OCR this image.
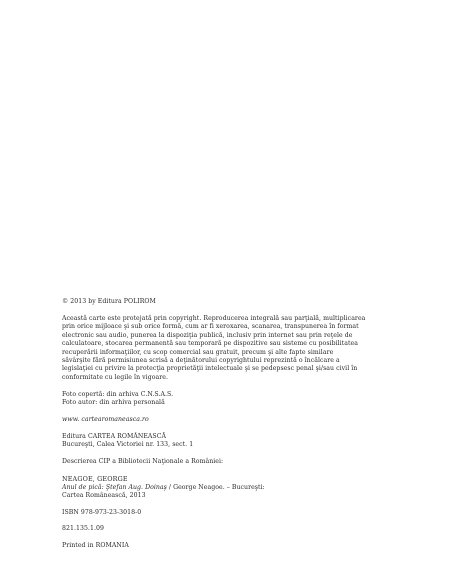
© 2013 by Editura POLIROM

Această carte este protejată prin copyright. Reproducerea integrală sau parţială, multiplicarea
prin orice mijloace şi sub orice formă, cum ar fi xeroxarea, scanarea, transpunerea în format
electronic sau audio, punerea la dispoziţia publică, inclusiv prin internet sau prin reţele de
calculatoare, stocarea permanentă sau temporară pe dispozitive sau sisteme cu posibilitatea
recuperării informaţiilor, cu scop comercial sau gratuit, precum şi alte fapte similare
săvârşite fără permisiunea scrisă a deţinătorului copyrightului reprezintă o încălcare a
legislaţiei cu privire la protecţia proprietăţii intelectuale şi se pedepsesc penal şi/sau civil în
conformitate cu legile în vigoare.

Foto copertă: din arhiva C.N.S.A.S.

Foto autor: din arhiva personală

www. cartearomaneasca.ro

Editura CARTEA ROMÂNEASCĂ

Bucureşti, Calea Victoriei nr. 133, sect. 1

Descrierea CIP a Bibliotecii Naţionale a României:

NEAGOE, GEORGE

Anul de pică: Ştefan Aug. Doinaş / George Neagoe. – Bucureşti:

Cartea Românească, 2013

ISBN 978-973-23-3018-0

821.135.1.09

Printed in ROMANIA
